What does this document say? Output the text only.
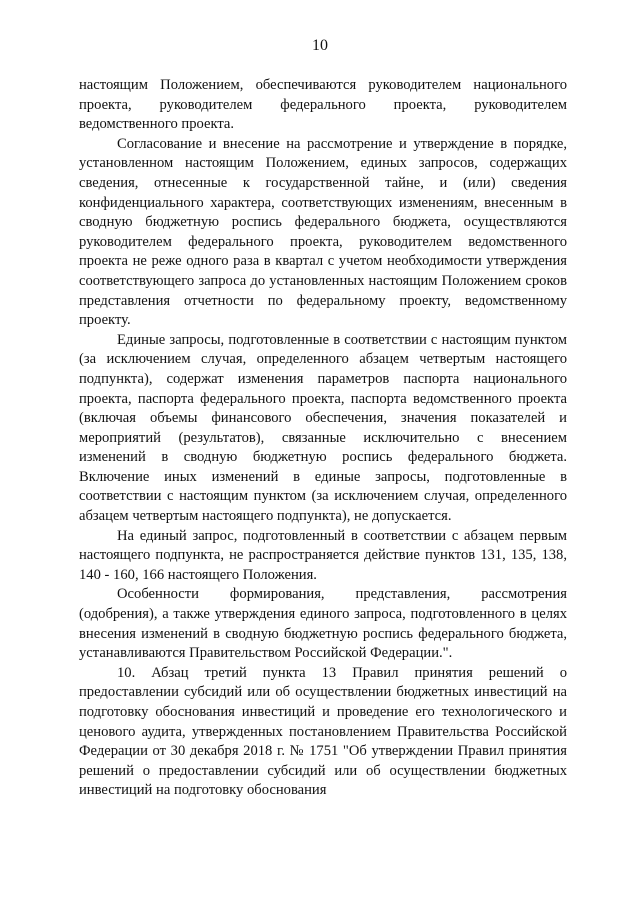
10

настоящим Положением, обеспечиваются руководителем национального проекта, руководителем федерального проекта, руководителем ведомственного проекта.

Согласование и внесение на рассмотрение и утверждение в порядке, установленном настоящим Положением, единых запросов, содержащих сведения, отнесенные к государственной тайне, и (или) сведения конфиденциального характера, соответствующих изменениям, внесенным в сводную бюджетную роспись федерального бюджета, осуществляются руководителем федерального проекта, руководителем ведомственного проекта не реже одного раза в квартал с учетом необходимости утверждения соответствующего запроса до установленных настоящим Положением сроков представления отчетности по федеральному проекту, ведомственному проекту.

Единые запросы, подготовленные в соответствии с настоящим пунктом (за исключением случая, определенного абзацем четвертым настоящего подпункта), содержат изменения параметров паспорта национального проекта, паспорта федерального проекта, паспорта ведомственного проекта (включая объемы финансового обеспечения, значения показателей и мероприятий (результатов), связанные исключительно с внесением изменений в сводную бюджетную роспись федерального бюджета. Включение иных изменений в единые запросы, подготовленные в соответствии с настоящим пунктом (за исключением случая, определенного абзацем четвертым настоящего подпункта), не допускается.

На единый запрос, подготовленный в соответствии с абзацем первым настоящего подпункта, не распространяется действие пунктов 131, 135, 138, 140 - 160, 166 настоящего Положения.

Особенности формирования, представления, рассмотрения (одобрения), а также утверждения единого запроса, подготовленного в целях внесения изменений в сводную бюджетную роспись федерального бюджета, устанавливаются Правительством Российской Федерации.".

10. Абзац третий пункта 13 Правил принятия решений о предоставлении субсидий или об осуществлении бюджетных инвестиций на подготовку обоснования инвестиций и проведение его технологического и ценового аудита, утвержденных постановлением Правительства Российской Федерации от 30 декабря 2018 г. № 1751 "Об утверждении Правил принятия решений о предоставлении субсидий или об осуществлении бюджетных инвестиций на подготовку обоснования
